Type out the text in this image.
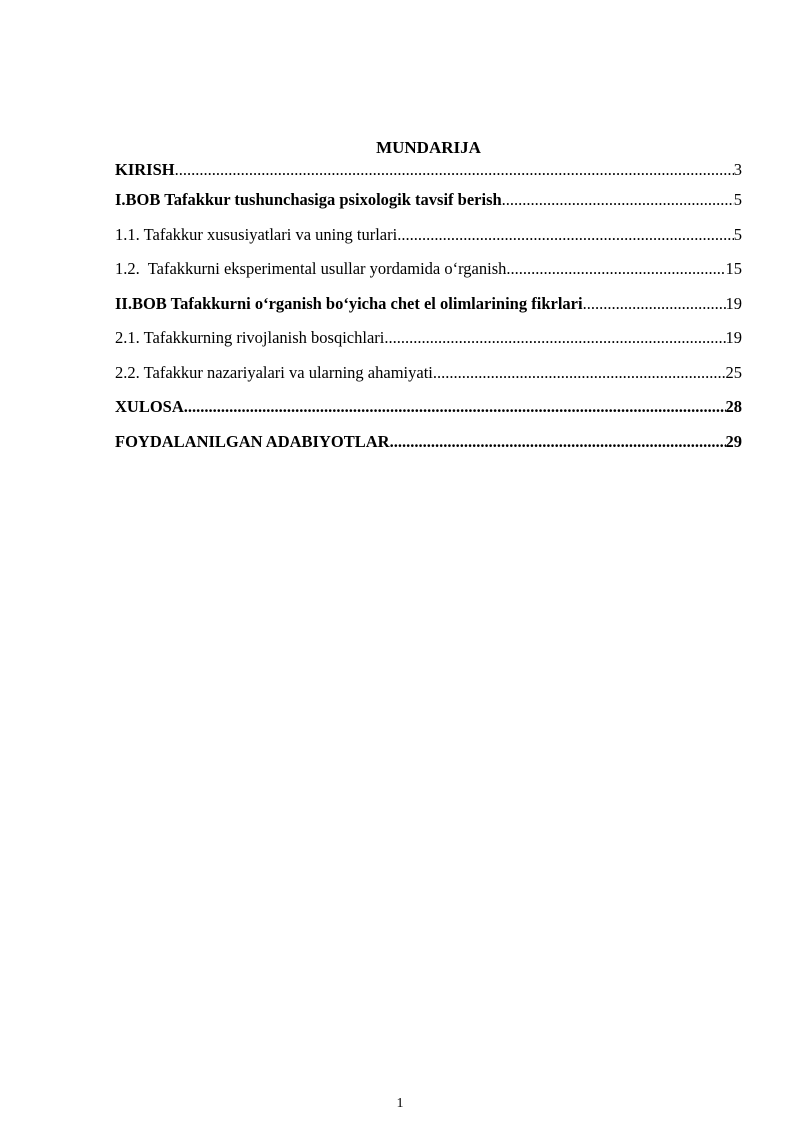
MUNDARIJA
KIRISH .....	3
I.BOB Tafakkur tushunchasiga psixologik tavsif berish .....	5
1.1. Tafakkur xususiyatlari va uning turlari .....	5
1.2.  Tafakkurni eksperimental usullar yordamida o‘rganish .....	15
II.BOB Tafakkurni o‘rganish bo‘yicha chet el olimlarining fikrlari .....	19
2.1. Tafakkurning rivojlanish bosqichlari .....	19
2.2. Tafakkur nazariyalari va ularning ahamiyati .....	25
XULOSA .....	28
FOYDALANILGAN ADABIYOTLAR .....	29
1
